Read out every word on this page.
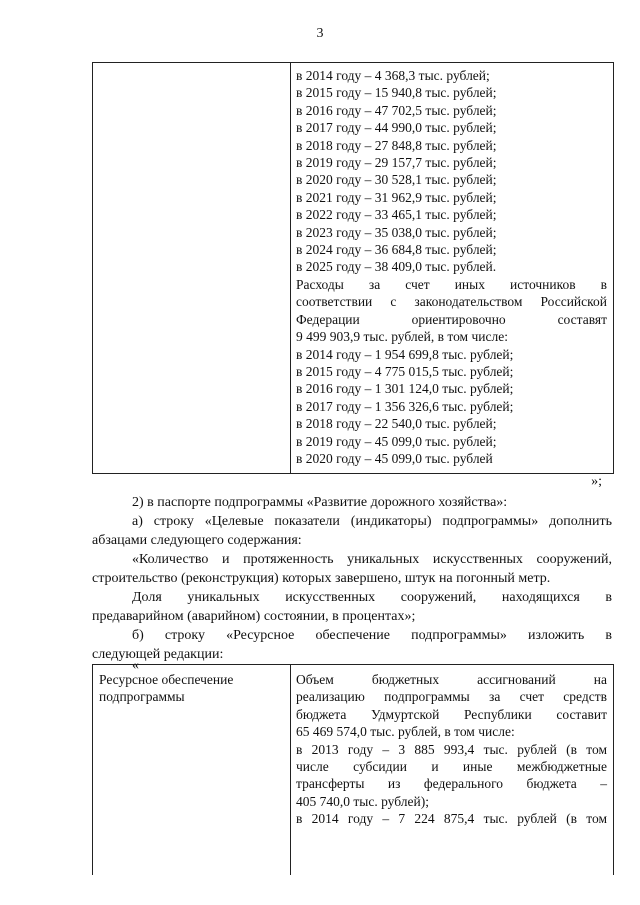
3
в 2014 году – 4 368,3 тыс. рублей;
в 2015 году – 15 940,8 тыс. рублей;
в 2016 году – 47 702,5 тыс. рублей;
в 2017 году – 44 990,0 тыс. рублей;
в 2018 году – 27 848,8 тыс. рублей;
в 2019 году – 29 157,7 тыс. рублей;
в 2020 году – 30 528,1 тыс. рублей;
в 2021 году – 31 962,9 тыс. рублей;
в 2022 году – 33 465,1 тыс. рублей;
в 2023 году – 35 038,0 тыс. рублей;
в 2024 году – 36 684,8 тыс. рублей;
в 2025 году – 38 409,0 тыс. рублей.
Расходы за счет иных источников в
соответствии с законодательством Российской
Федерации ориентировочно составят
9 499 903,9 тыс. рублей, в том числе:
в 2014 году – 1 954 699,8 тыс. рублей;
в 2015 году – 4 775 015,5 тыс. рублей;
в 2016 году – 1 301 124,0 тыс. рублей;
в 2017 году – 1 356 326,6 тыс. рублей;
в 2018 году – 22 540,0 тыс. рублей;
в 2019 году – 45 099,0 тыс. рублей;
в 2020 году – 45 099,0 тыс. рублей
»;
2) в паспорте подпрограммы «Развитие дорожного хозяйства»:
а) строку «Целевые показатели (индикаторы) подпрограммы» дополнить
абзацами следующего содержания:
«Количество и протяженность уникальных искусственных сооружений,
строительство (реконструкция) которых завершено, штук на погонный метр.
Доля уникальных искусственных сооружений, находящихся в
предаварийном (аварийном) состоянии, в процентах»;
б) строку «Ресурсное обеспечение подпрограммы» изложить в
следующей редакции:
«
Ресурсное обеспечение
подпрограммы
Объем бюджетных ассигнований на
реализацию подпрограммы за счет средств
бюджета Удмуртской Республики составит
65 469 574,0 тыс. рублей, в том числе:
в 2013 году – 3 885 993,4 тыс. рублей (в том
числе субсидии и иные межбюджетные
трансферты из федерального бюджета –
405 740,0 тыс. рублей);
в 2014 году – 7 224 875,4 тыс. рублей (в том
